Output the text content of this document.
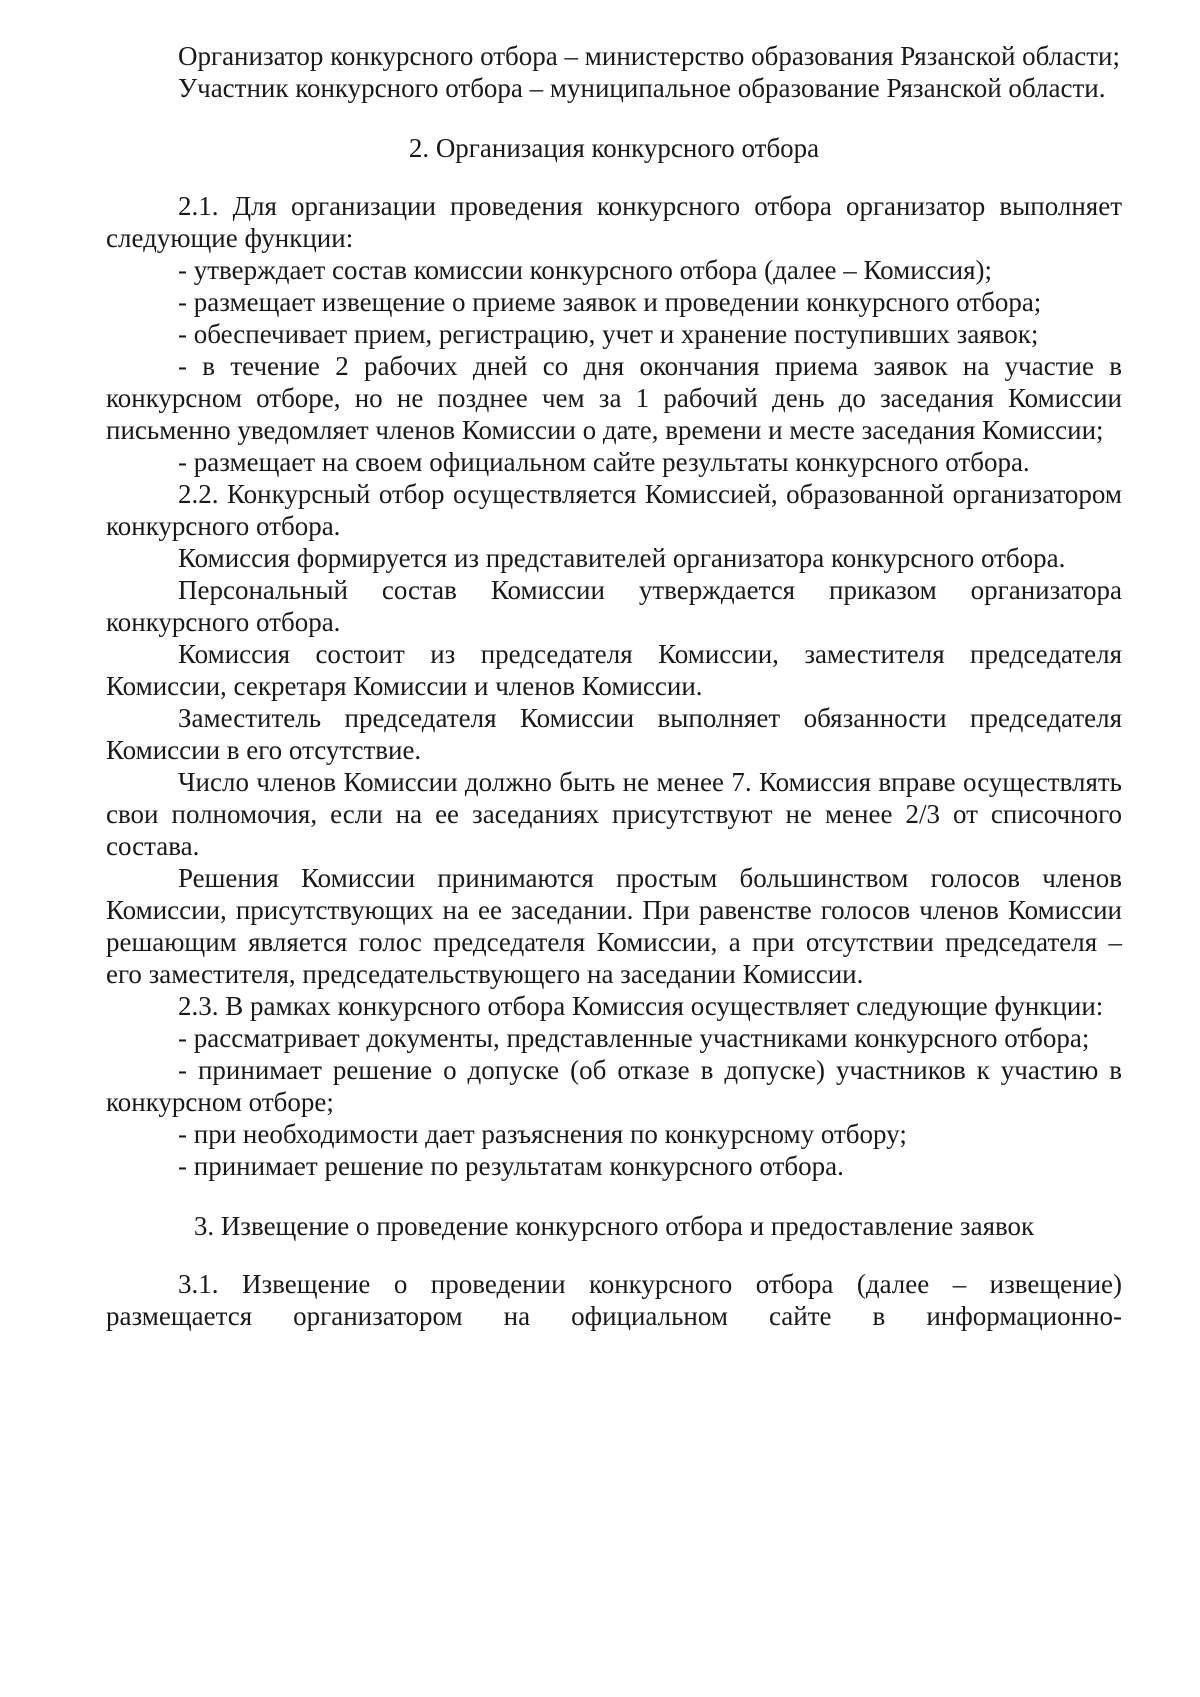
Организатор конкурсного отбора – министерство образования Рязанской области;

Участник конкурсного отбора – муниципальное образование Рязанской области.

2. Организация конкурсного отбора

2.1. Для организации проведения конкурсного отбора организатор выполняет следующие функции:

- утверждает состав комиссии конкурсного отбора (далее – Комиссия);

- размещает извещение о приеме заявок и проведении конкурсного отбора;

- обеспечивает прием, регистрацию, учет и хранение поступивших заявок;

- в течение 2 рабочих дней со дня окончания приема заявок на участие в конкурсном отборе, но не позднее чем за 1 рабочий день до заседания Комиссии письменно уведомляет членов Комиссии о дате, времени и месте заседания Комиссии;

- размещает на своем официальном сайте результаты конкурсного отбора.

2.2. Конкурсный отбор осуществляется Комиссией, образованной организатором конкурсного отбора.

Комиссия формируется из представителей организатора конкурсного отбора.

Персональный состав Комиссии утверждается приказом организатора конкурсного отбора.

Комиссия состоит из председателя Комиссии, заместителя председателя Комиссии, секретаря Комиссии и членов Комиссии.

Заместитель председателя Комиссии выполняет обязанности председателя Комиссии в его отсутствие.

Число членов Комиссии должно быть не менее 7. Комиссия вправе осуществлять свои полномочия, если на ее заседаниях присутствуют не менее 2/3 от списочного состава.

Решения Комиссии принимаются простым большинством голосов членов Комиссии, присутствующих на ее заседании. При равенстве голосов членов Комиссии решающим является голос председателя Комиссии, а при отсутствии председателя – его заместителя, председательствующего на заседании Комиссии.

2.3. В рамках конкурсного отбора Комиссия осуществляет следующие функции:

- рассматривает документы, представленные участниками конкурсного отбора;

- принимает решение о допуске (об отказе в допуске) участников к участию в конкурсном отборе;

- при необходимости дает разъяснения по конкурсному отбору;

- принимает решение по результатам конкурсного отбора.

3. Извещение о проведение конкурсного отбора и предоставление заявок

3.1. Извещение о проведении конкурсного отбора (далее – извещение) размещается организатором на официальном сайте в информационно-
